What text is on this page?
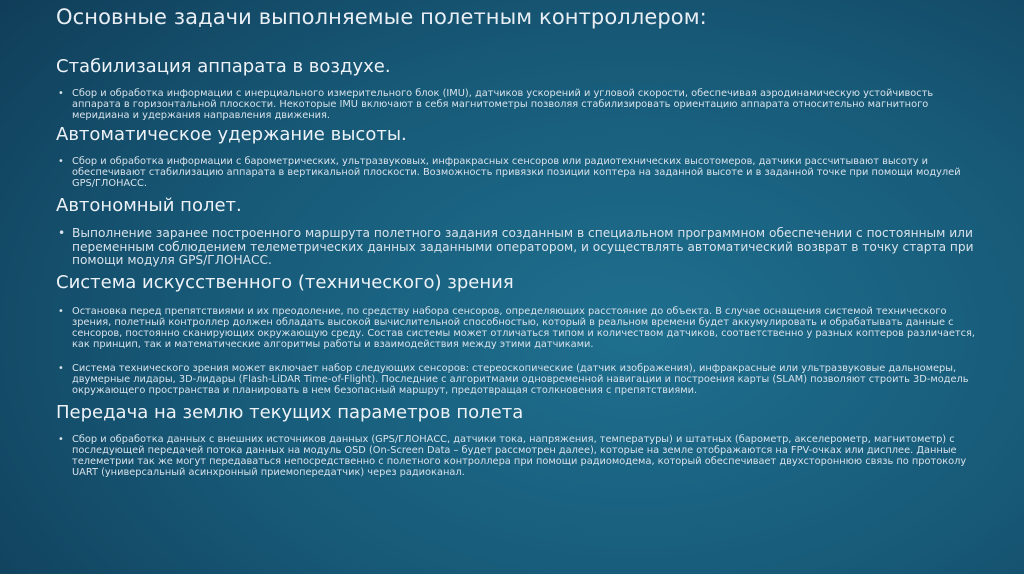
Основные задачи выполняемые полетным контроллером:
Стабилизация аппарата в воздухе.
• Сбор и обработка информации с инерциального измерительного блок (IMU), датчиков ускорений и угловой скорости, обеспечивая аэродинамическую устойчивость аппарата в горизонтальной плоскости. Некоторые IMU включают в себя магнитометры позволяя стабилизировать ориентацию аппарата относительно магнитного меридиана и удержания направления движения.
Автоматическое удержание высоты.
• Сбор и обработка информации с барометрических, ультразвуковых, инфракрасных сенсоров или радиотехнических высотомеров, датчики рассчитывают высоту и обеспечивают стабилизацию аппарата в вертикальной плоскости. Возможность привязки позиции коптера на заданной высоте и в заданной точке при помощи модулей GPS/ГЛОНАСС.
Автономный полет.
• Выполнение заранее построенного маршрута полетного задания созданным в специальном программном обеспечении с постоянным или переменным соблюдением телеметрических данных заданными оператором, и осуществлять автоматический возврат в точку старта при помощи модуля GPS/ГЛОНАСС.
Система искусственного (технического) зрения
• Остановка перед препятствиями и их преодоление, по средству набора сенсоров, определяющих расстояние до объекта. В случае оснащения системой технического зрения, полетный контроллер должен обладать высокой вычислительной способностью, который в реальном времени будет аккумулировать и обрабатывать данные с сенсоров, постоянно сканирующих окружающую среду. Состав системы может отличаться типом и количеством датчиков, соответственно у разных коптеров различается, как принцип, так и математические алгоритмы работы и взаимодействия между этими датчиками.
• Система технического зрения может включает набор следующих сенсоров: стереоскопические (датчик изображения), инфракрасные или ультразвуковые дальномеры, двумерные лидары, 3D-лидары (Flash-LiDAR Time-of-Flight). Последние с алгоритмами одновременной навигации и построения карты (SLAM) позволяют строить 3D-модель окружающего пространства и планировать в нем безопасный маршрут, предотвращая столкновения с препятствиями.
Передача на землю текущих параметров полета
• Сбор и обработка данных с внешних источников данных (GPS/ГЛОНАСС, датчики тока, напряжения, температуры) и штатных (барометр, акселерометр, магнитометр) с последующей передачей потока данных на модуль OSD (On-Screen Data – будет рассмотрен далее), которые на земле отображаются на FPV-очках или дисплее. Данные телеметрии так же могут передаваться непосредственно с полетного контроллера при помощи радиомодема, который обеспечивает двухстороннюю связь по протоколу UART (универсальный асинхронный приемопередатчик) через радиоканал.
